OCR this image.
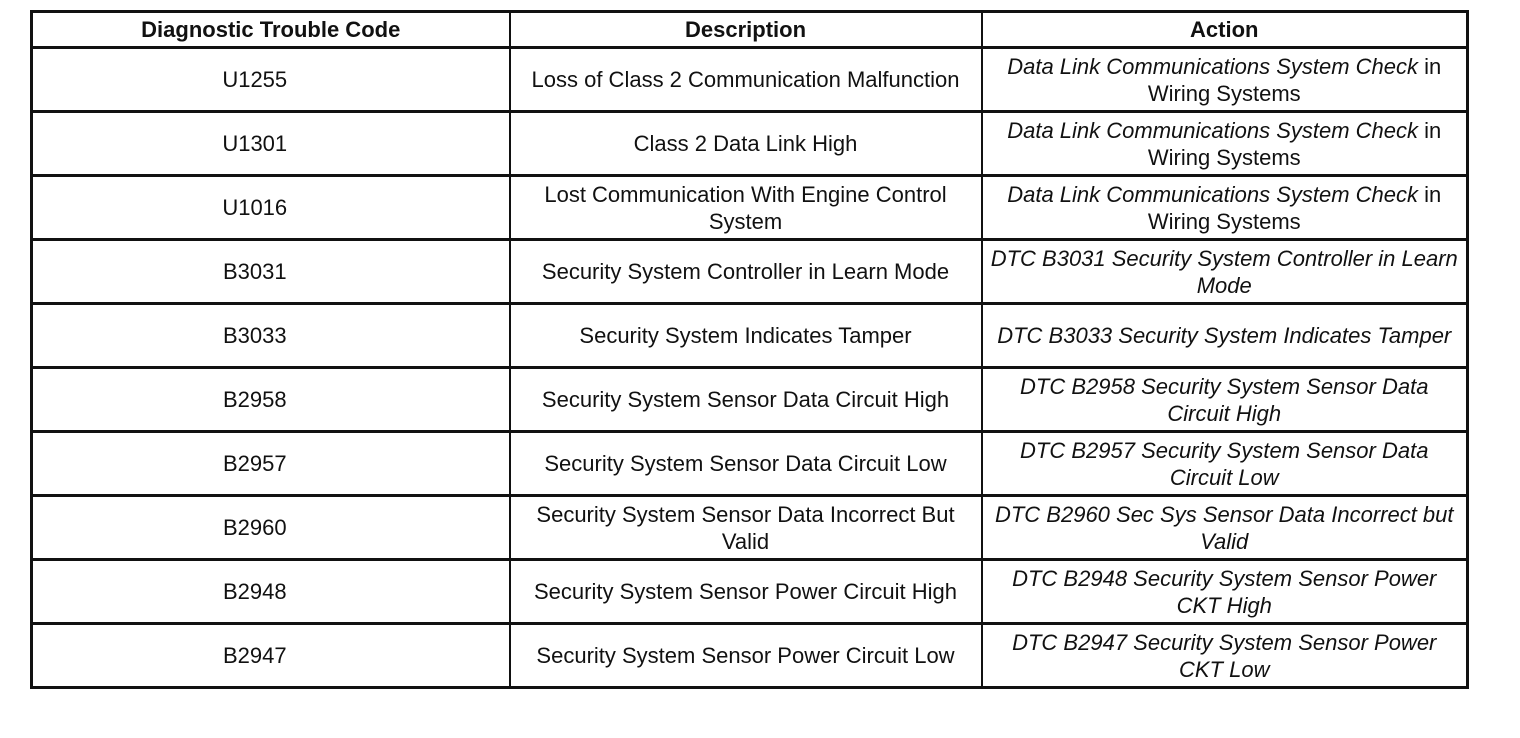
Diagnostic Trouble Code	Description	Action
U1255	Loss of Class 2 Communication Malfunction	Data Link Communications System Check in Wiring Systems
U1301	Class 2 Data Link High	Data Link Communications System Check in Wiring Systems
U1016	Lost Communication With Engine Control System	Data Link Communications System Check in Wiring Systems
B3031	Security System Controller in Learn Mode	DTC B3031 Security System Controller in Learn Mode
B3033	Security System Indicates Tamper	DTC B3033 Security System Indicates Tamper
B2958	Security System Sensor Data Circuit High	DTC B2958 Security System Sensor Data Circuit High
B2957	Security System Sensor Data Circuit Low	DTC B2957 Security System Sensor Data Circuit Low
B2960	Security System Sensor Data Incorrect But Valid	DTC B2960 Sec Sys Sensor Data Incorrect but Valid
B2948	Security System Sensor Power Circuit High	DTC B2948 Security System Sensor Power CKT High
B2947	Security System Sensor Power Circuit Low	DTC B2947 Security System Sensor Power CKT Low
